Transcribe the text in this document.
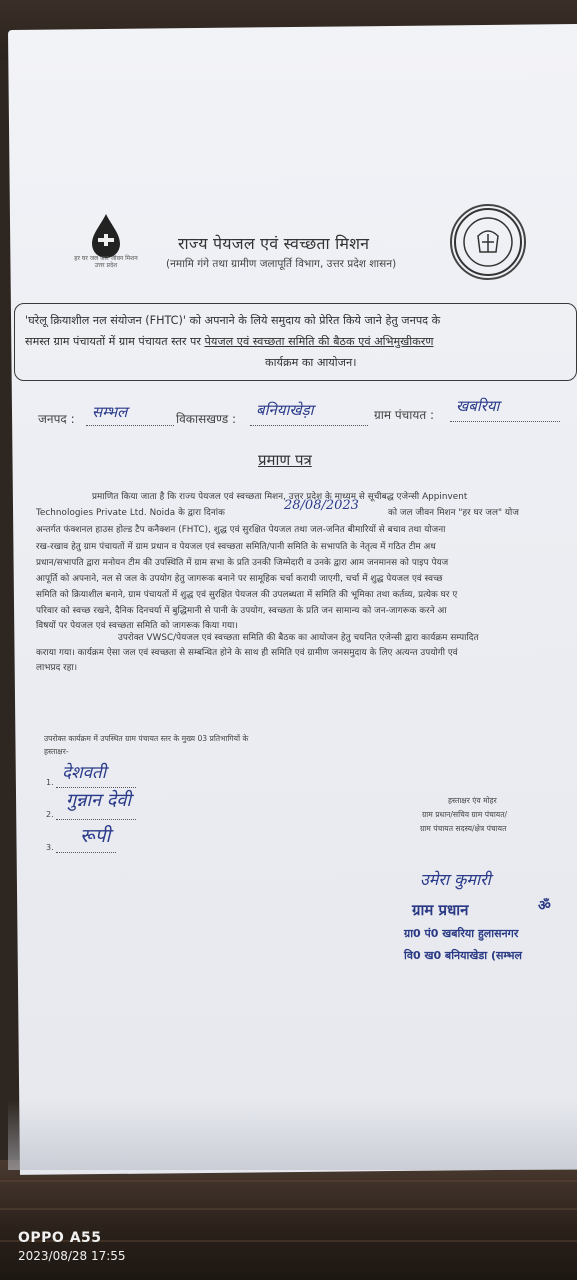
हर घर जल जल जीवन मिशन उत्तर प्रदेश
राज्य पेयजल एवं स्वच्छता मिशन
(नमामि गंगे तथा ग्रामीण जलापूर्ति विभाग, उत्तर प्रदेश शासन)
'घरेलू क्रियाशील नल संयोजन (FHTC)' को अपनाने के लिये समुदाय को प्रेरित किये जाने हेतु जनपद के
समस्त ग्राम पंचायतों में ग्राम पंचायत स्तर पर पेयजल एवं स्वच्छता समिति की बैठक एवं अभिमुखीकरण
कार्यक्रम का आयोजन।
जनपद : सम्भल	विकासखण्ड : बनियाखेड़ा	ग्राम पंचायत : खबरिया
प्रमाण पत्र
प्रमाणित किया जाता है कि राज्य पेयजल एवं स्वच्छता मिशन, उत्तर प्रदेश के माध्यम से सूचीबद्ध एजेन्सी Appinvent
Technologies Private Ltd. Noida के द्वारा दिनांक	28/08/2023	को जल जीवन मिशन "हर घर जल" योज
अन्तर्गत फंक्शनल हाउस होल्ड टैप कनैक्शन (FHTC), शुद्ध एवं सुरक्षित पेयजल तथा जल-जनित बीमारियों से बचाव तथा योजना
रख-रखाव हेतु ग्राम पंचायतों में ग्राम प्रधान व पेयजल एवं स्वच्छता समिति/पानी समिति के सभापति के नेतृत्व में गठित टीम अध
प्रधान/सभापति द्वारा मनोयन टीम की उपस्थिति में ग्राम सभा के प्रति उनकी जिम्मेदारी व उनके द्वारा आम जनमानस को पाइप पेयज
आपूर्ति को अपनाने, नल से जल के उपयोग हेतु जागरूक बनाने पर सामूहिक चर्चा करायी जाएगी, चर्चा में शुद्ध पेयजल एवं स्वच्छ
समिति को क्रियाशील बनाने, ग्राम पंचायतों में शुद्ध एवं सुरक्षित पेयजल की उपलब्धता में समिति की भूमिका तथा कर्तव्य, प्रत्येक घर ए
परिवार को स्वच्छ रखने, दैनिक दिनचर्या में बुद्धिमानी से पानी के उपयोग, स्वच्छता के प्रति जन सामान्य को जन-जागरूक करने आ
विषयों पर पेयजल एवं स्वच्छता समिति को जागरूक किया गया।
उपरोक्त VWSC/पेयजल एवं स्वच्छता समिति की बैठक का आयोजन हेतु चयनित एजेन्सी द्वारा कार्यक्रम सम्पादित
कराया गया। कार्यक्रम ऐसा जल एवं स्वच्छता से सम्बन्धित होने के साथ ही समिति एवं ग्रामीण जनसमुदाय के लिए अत्यन्त उपयोगी एवं
लाभप्रद रहा।
उपरोक्त कार्यक्रम में उपस्थित ग्राम पंचायत स्तर के मुख्य 03 प्रतिभागियों के
हस्ताक्षर-
1. देशवती
2.
गुन्नान देवी
3.
रूपी
हस्ताक्षर एंव मोहर
ग्राम प्रधान/सचिव ग्राम पंचायत/
ग्राम पंचायत सदस्य/क्षेत्र पंचायत
उमेरा कुमारी
ग्राम प्रधान	ॐ
ग्रा0 पं0 खबरिया हुलासनगर
वि0 ख0 बनियाखेडा (सम्भल
OPPO A55
2023/08/28 17:55
